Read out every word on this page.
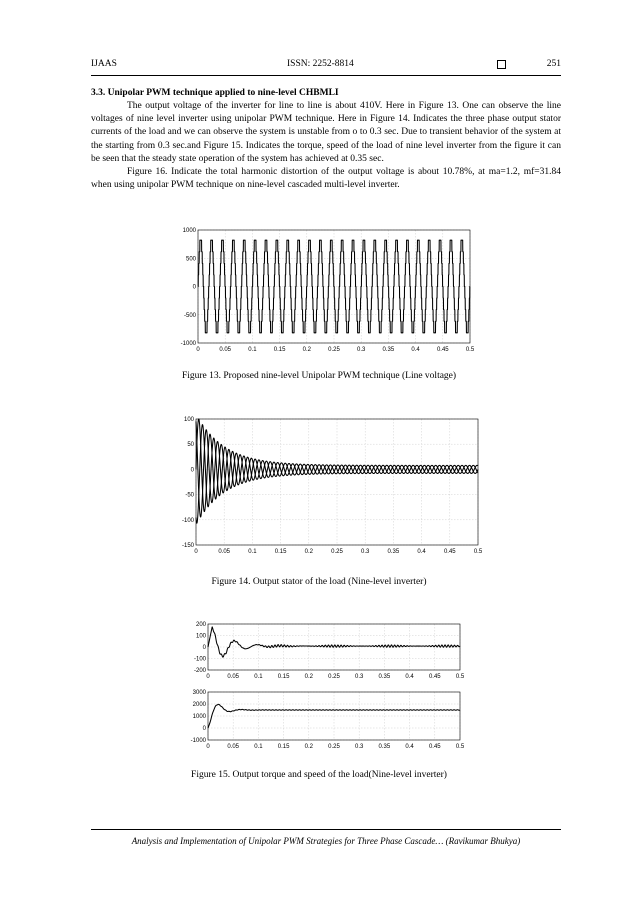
IJAAS	ISSN: 2252-8814	251
3.3. Unipolar PWM technique applied to nine-level CHBMLI

The output voltage of the inverter for line to line is about 410V. Here in Figure 13. One can observe the line voltages of nine level inverter using unipolar PWM technique. Here in Figure 14. Indicates the three phase output stator currents of the load and we can observe the system is unstable from o to 0.3 sec. Due to transient behavior of the system at the starting from 0.3 sec.and Figure 15. Indicates the torque, speed of the load of nine level inverter from the figure it can be seen that the steady state operation of the system has achieved at 0.35 sec.

Figure 16. Indicate the total harmonic distortion of the output voltage is about 10.78%, at ma=1.2, mf=31.84 when using unipolar PWM technique on nine-level cascaded multi-level inverter.

0	0.05	0.1	0.15	0.2	0.25	0.3	0.35	0.4	0.45	0.5
1000
500
0
-500
-1000
Figure 13. Proposed nine-level Unipolar PWM technique (Line voltage)
0	0.05	0.1	0.15	0.2	0.25	0.3	0.35	0.4	0.45	0.5
100
50
0
-50
-100
-150
Figure 14. Output stator of the load (Nine-level inverter)
0	0.05	0.1	0.15	0.2	0.25	0.3	0.35	0.4	0.45	0.5
200
100
0
-100
-200
0	0.05	0.1	0.15	0.2	0.25	0.3	0.35	0.4	0.45	0.5
3000
2000
1000
0
-1000
Figure 15. Output torque and speed of the load(Nine-level inverter)
Analysis and Implementation of Unipolar PWM Strategies for Three Phase Cascade… (Ravikumar Bhukya)
